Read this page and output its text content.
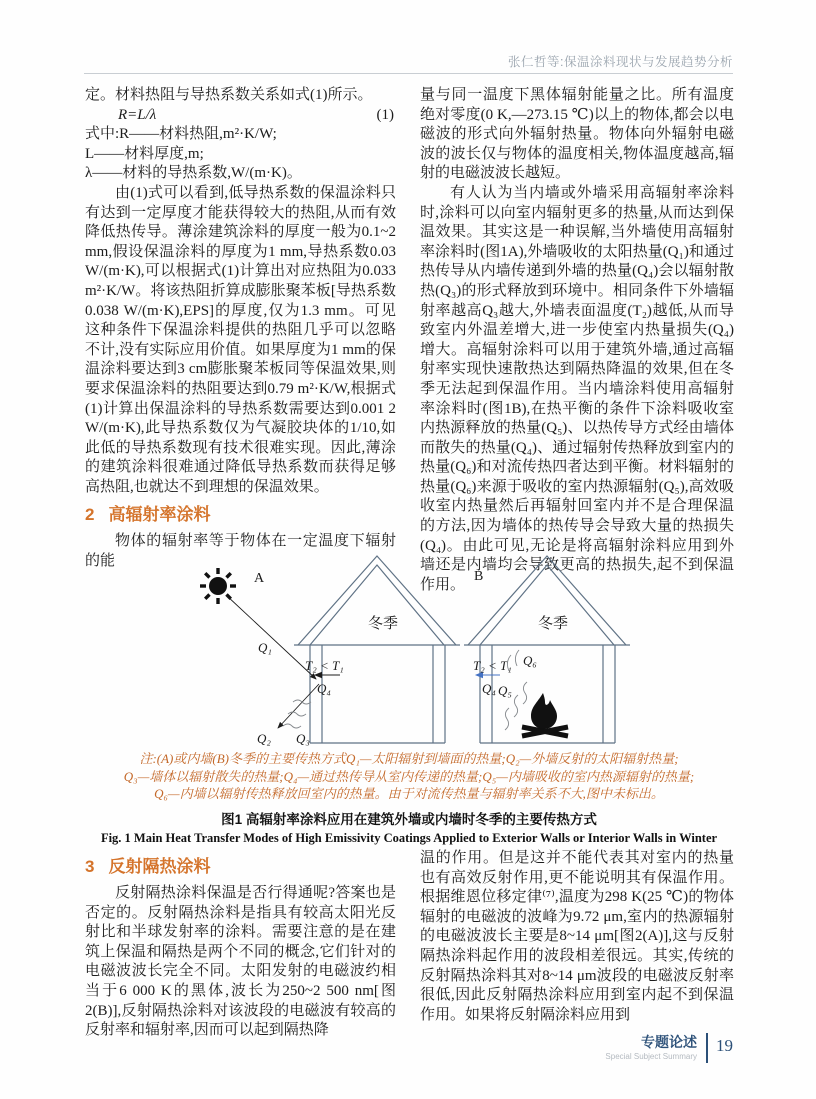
张仁哲等:保温涂料现状与发展趋势分析

定。材料热阻与导热系数关系如式(1)所示。

R=L/λ	(1)

式中:R——材料热阻,m²·K/W;

L——材料厚度,m;

λ——材料的导热系数,W/(m·K)。

由(1)式可以看到,低导热系数的保温涂料只有达到一定厚度才能获得较大的热阻,从而有效降低热传导。薄涂建筑涂料的厚度一般为0.1~2 mm,假设保温涂料的厚度为1 mm,导热系数0.03 W/(m·K),可以根据式(1)计算出对应热阻为0.033 m²·K/W。将该热阻折算成膨胀聚苯板[导热系数0.038 W/(m·K),EPS]的厚度,仅为1.3 mm。可见这种条件下保温涂料提供的热阻几乎可以忽略不计,没有实际应用价值。如果厚度为1 mm的保温涂料要达到3 cm膨胀聚苯板同等保温效果,则要求保温涂料的热阻要达到0.79 m²·K/W,根据式(1)计算出保温涂料的导热系数需要达到0.001 2 W/(m·K),此导热系数仅为气凝胶块体的1/10,如此低的导热系数现有技术很难实现。因此,薄涂的建筑涂料很难通过降低导热系数而获得足够高热阻,也就达不到理想的保温效果。

2 高辐射率涂料

物体的辐射率等于物体在一定温度下辐射的能

量与同一温度下黑体辐射能量之比。所有温度绝对零度(0 K,—273.15 ℃)以上的物体,都会以电磁波的形式向外辐射热量。物体向外辐射电磁波的波长仅与物体的温度相关,物体温度越高,辐射的电磁波波长越短。

有人认为当内墙或外墙采用高辐射率涂料时,涂料可以向室内辐射更多的热量,从而达到保温效果。其实这是一种误解,当外墙使用高辐射率涂料时(图1A),外墙吸收的太阳热量(Q₁)和通过热传导从内墙传递到外墙的热量(Q₄)会以辐射散热(Q₃)的形式释放到环境中。相同条件下外墙辐射率越高Q₃越大,外墙表面温度(T₂)越低,从而导致室内外温差增大,进一步使室内热量损失(Q₄)增大。高辐射涂料可以用于建筑外墙,通过高辐射率实现快速散热达到隔热降温的效果,但在冬季无法起到保温作用。当内墙涂料使用高辐射率涂料时(图1B),在热平衡的条件下涂料吸收室内热源释放的热量(Q₅)、以热传导方式经由墙体而散失的热量(Q₄)、通过辐射传热释放到室内的热量(Q₆)和对流传热四者达到平衡。材料辐射的热量(Q₆)来源于吸收的室内热源辐射(Q₅),高效吸收室内热量然后再辐射回室内并不是合理保温的方法,因为墙体的热传导会导致大量的热损失(Q₄)。由此可见,无论是将高辐射涂料应用到外墙还是内墙均会导致更高的热损失,起不到保温作用。

A
冬季
Q₁
Q₂ Q₃
T₂ < T₁
Q₄
B
冬季
T₂ < T₁
Q₄ Q₅
Q₆
注:(A)或内墙(B)冬季的主要传热方式Q₁—太阳辐射到墙面的热量;Q₂—外墙反射的太阳辐射热量;
Q₃—墙体以辐射散失的热量;Q₄—通过热传导从室内传递的热量;Q₅—内墙吸收的室内热源辐射的热量;
Q₆—内墙以辐射传热释放回室内的热量。由于对流传热量与辐射率关系不大,图中未标出。
图1 高辐射率涂料应用在建筑外墙或内墙时冬季的主要传热方式
Fig. 1 Main Heat Transfer Modes of High Emissivity Coatings Applied to Exterior Walls or Interior Walls in Winter
3 反射隔热涂料

反射隔热涂料保温是否行得通呢?答案也是否定的。反射隔热涂料是指具有较高太阳光反射比和半球发射率的涂料。需要注意的是在建筑上保温和隔热是两个不同的概念,它们针对的电磁波波长完全不同。太阳发射的电磁波约相当于6 000 K的黑体,波长为250~2 500 nm[图2(B)],反射隔热涂料对该波段的电磁波有较高的反射率和辐射率,因而可以起到隔热降

温的作用。但是这并不能代表其对室内的热量也有高效反射作用,更不能说明其有保温作用。根据维恩位移定律⁽⁷⁾,温度为298 K(25 ℃)的物体辐射的电磁波的波峰为9.72 μm,室内的热源辐射的电磁波波长主要是8~14 μm[图2(A)],这与反射隔热涂料起作用的波段相差很远。其实,传统的反射隔热涂料其对8~14 μm波段的电磁波反射率很低,因此反射隔热涂料应用到室内起不到保温作用。如果将反射隔涂料应用到

专题论述
Special Subject Summary
19
